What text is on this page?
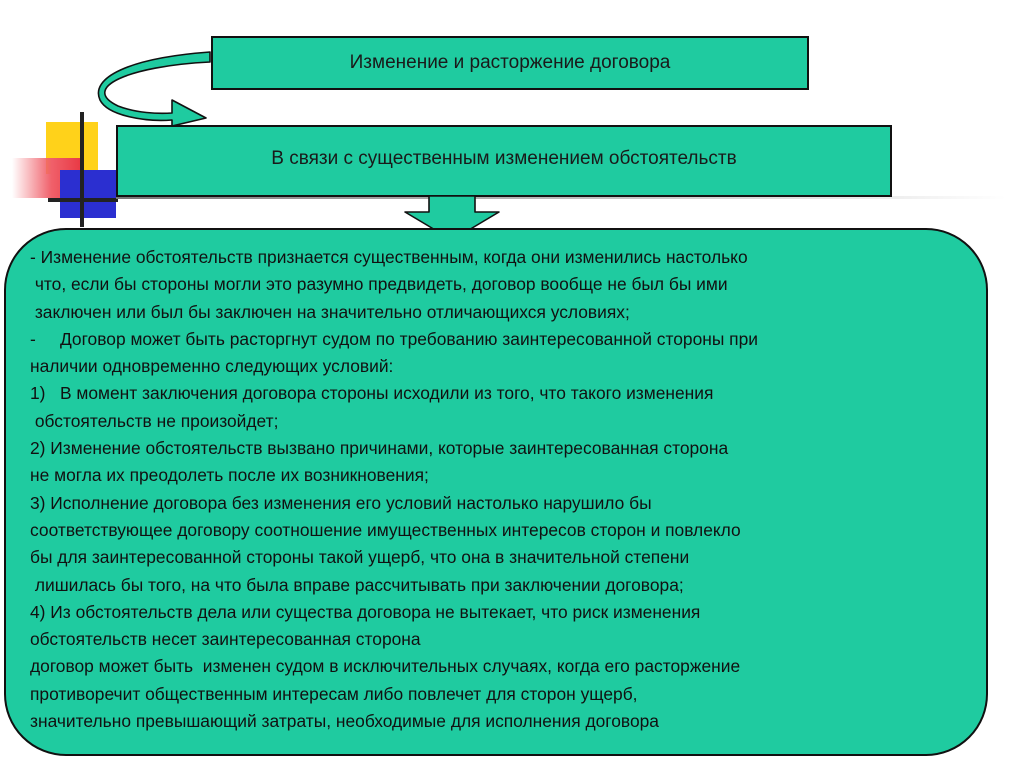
Изменение и расторжение договора
В связи с существенным изменением обстоятельств
- Изменение обстоятельств признается существенным, когда они изменились настолько
что, если бы стороны могли это разумно предвидеть, договор вообще не был бы ими
заключен или был бы заключен на значительно отличающихся условиях;
-     Договор может быть расторгнут судом по требованию заинтересованной стороны при
наличии одновременно следующих условий:
1)   В момент заключения договора стороны исходили из того, что такого изменения
обстоятельств не произойдет;
2) Изменение обстоятельств вызвано причинами, которые заинтересованная сторона
не могла их преодолеть после их возникновения;
3) Исполнение договора без изменения его условий настолько нарушило бы
соответствующее договору соотношение имущественных интересов сторон и повлекло
бы для заинтересованной стороны такой ущерб, что она в значительной степени
лишилась бы того, на что была вправе рассчитывать при заключении договора;
4) Из обстоятельств дела или существа договора не вытекает, что риск изменения
обстоятельств несет заинтересованная сторона
договор может быть  изменен судом в исключительных случаях, когда его расторжение
противоречит общественным интересам либо повлечет для сторон ущерб,
значительно превышающий затраты, необходимые для исполнения договора
